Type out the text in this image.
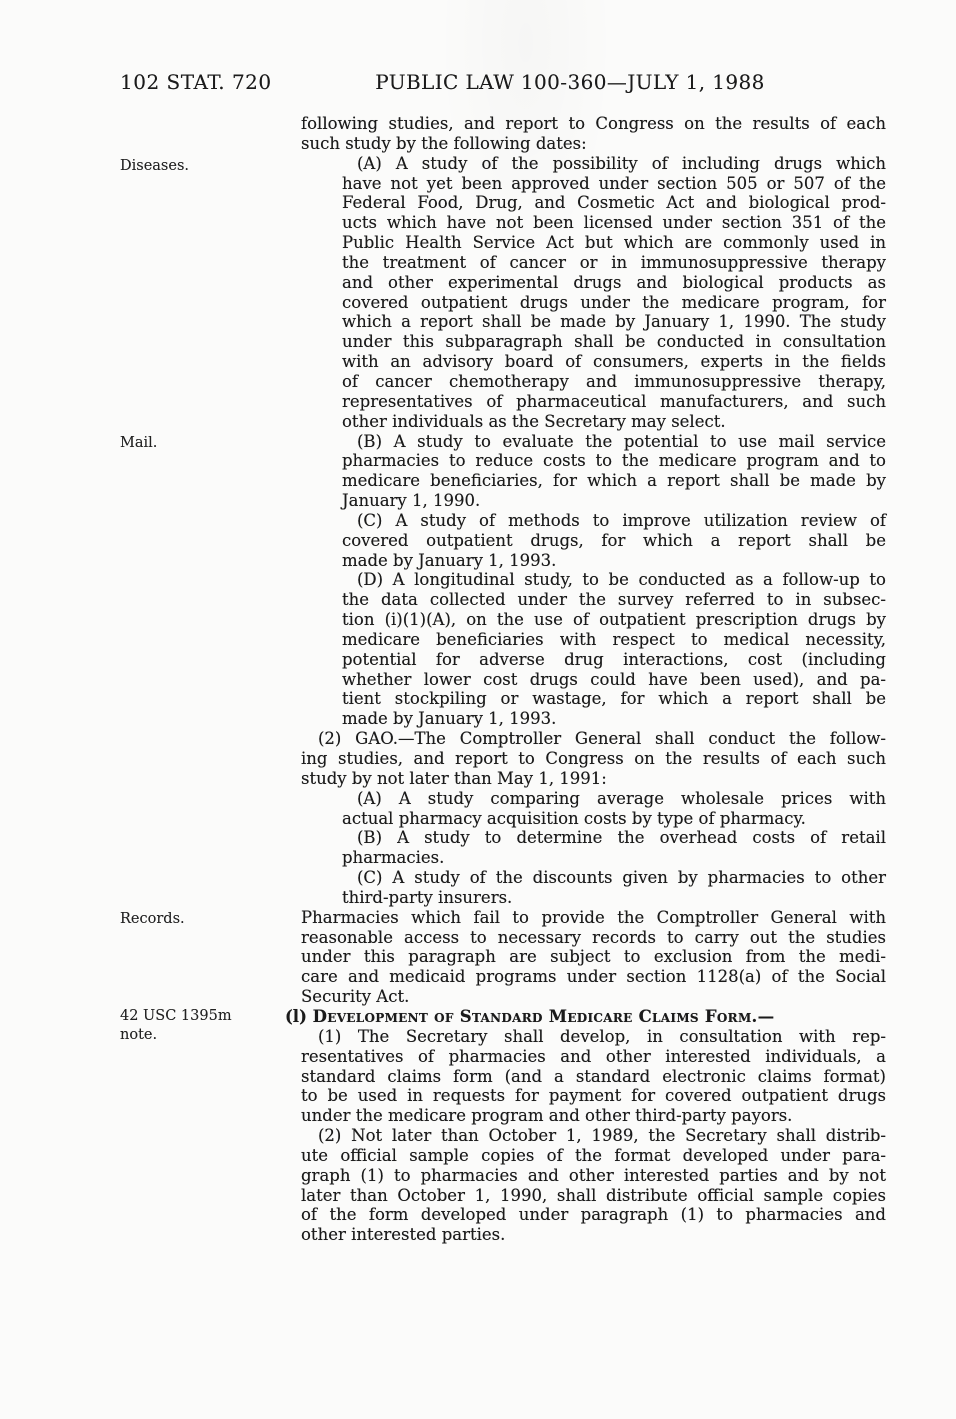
102 STAT. 720	PUBLIC LAW 100-360—JULY 1, 1988
Diseases.
Mail.
Records.
42 USC 1395m
note.
following studies, and report to Congress on the results of each
such study by the following dates:
(A) A study of the possibility of including drugs which
have not yet been approved under section 505 or 507 of the
Federal Food, Drug, and Cosmetic Act and biological prod-
ucts which have not been licensed under section 351 of the
Public Health Service Act but which are commonly used in
the treatment of cancer or in immunosuppressive therapy
and other experimental drugs and biological products as
covered outpatient drugs under the medicare program, for
which a report shall be made by January 1, 1990. The study
under this subparagraph shall be conducted in consultation
with an advisory board of consumers, experts in the fields
of cancer chemotherapy and immunosuppressive therapy,
representatives of pharmaceutical manufacturers, and such
other individuals as the Secretary may select.
(B) A study to evaluate the potential to use mail service
pharmacies to reduce costs to the medicare program and to
medicare beneficiaries, for which a report shall be made by
January 1, 1990.
(C) A study of methods to improve utilization review of
covered outpatient drugs, for which a report shall be
made by January 1, 1993.
(D) A longitudinal study, to be conducted as a follow-up to
the data collected under the survey referred to in subsec-
tion (i)(1)(A), on the use of outpatient prescription drugs by
medicare beneficiaries with respect to medical necessity,
potential for adverse drug interactions, cost (including
whether lower cost drugs could have been used), and pa-
tient stockpiling or wastage, for which a report shall be
made by January 1, 1993.
(2) GAO.—The Comptroller General shall conduct the follow-
ing studies, and report to Congress on the results of each such
study by not later than May 1, 1991:
(A) A study comparing average wholesale prices with
actual pharmacy acquisition costs by type of pharmacy.
(B) A study to determine the overhead costs of retail
pharmacies.
(C) A study of the discounts given by pharmacies to other
third-party insurers.
Pharmacies which fail to provide the Comptroller General with
reasonable access to necessary records to carry out the studies
under this paragraph are subject to exclusion from the medi-
care and medicaid programs under section 1128(a) of the Social
Security Act.
(l) Development of Standard Medicare Claims Form.—
(1) The Secretary shall develop, in consultation with rep-
resentatives of pharmacies and other interested individuals, a
standard claims form (and a standard electronic claims format)
to be used in requests for payment for covered outpatient drugs
under the medicare program and other third-party payors.
(2) Not later than October 1, 1989, the Secretary shall distrib-
ute official sample copies of the format developed under para-
graph (1) to pharmacies and other interested parties and by not
later than October 1, 1990, shall distribute official sample copies
of the form developed under paragraph (1) to pharmacies and
other interested parties.
